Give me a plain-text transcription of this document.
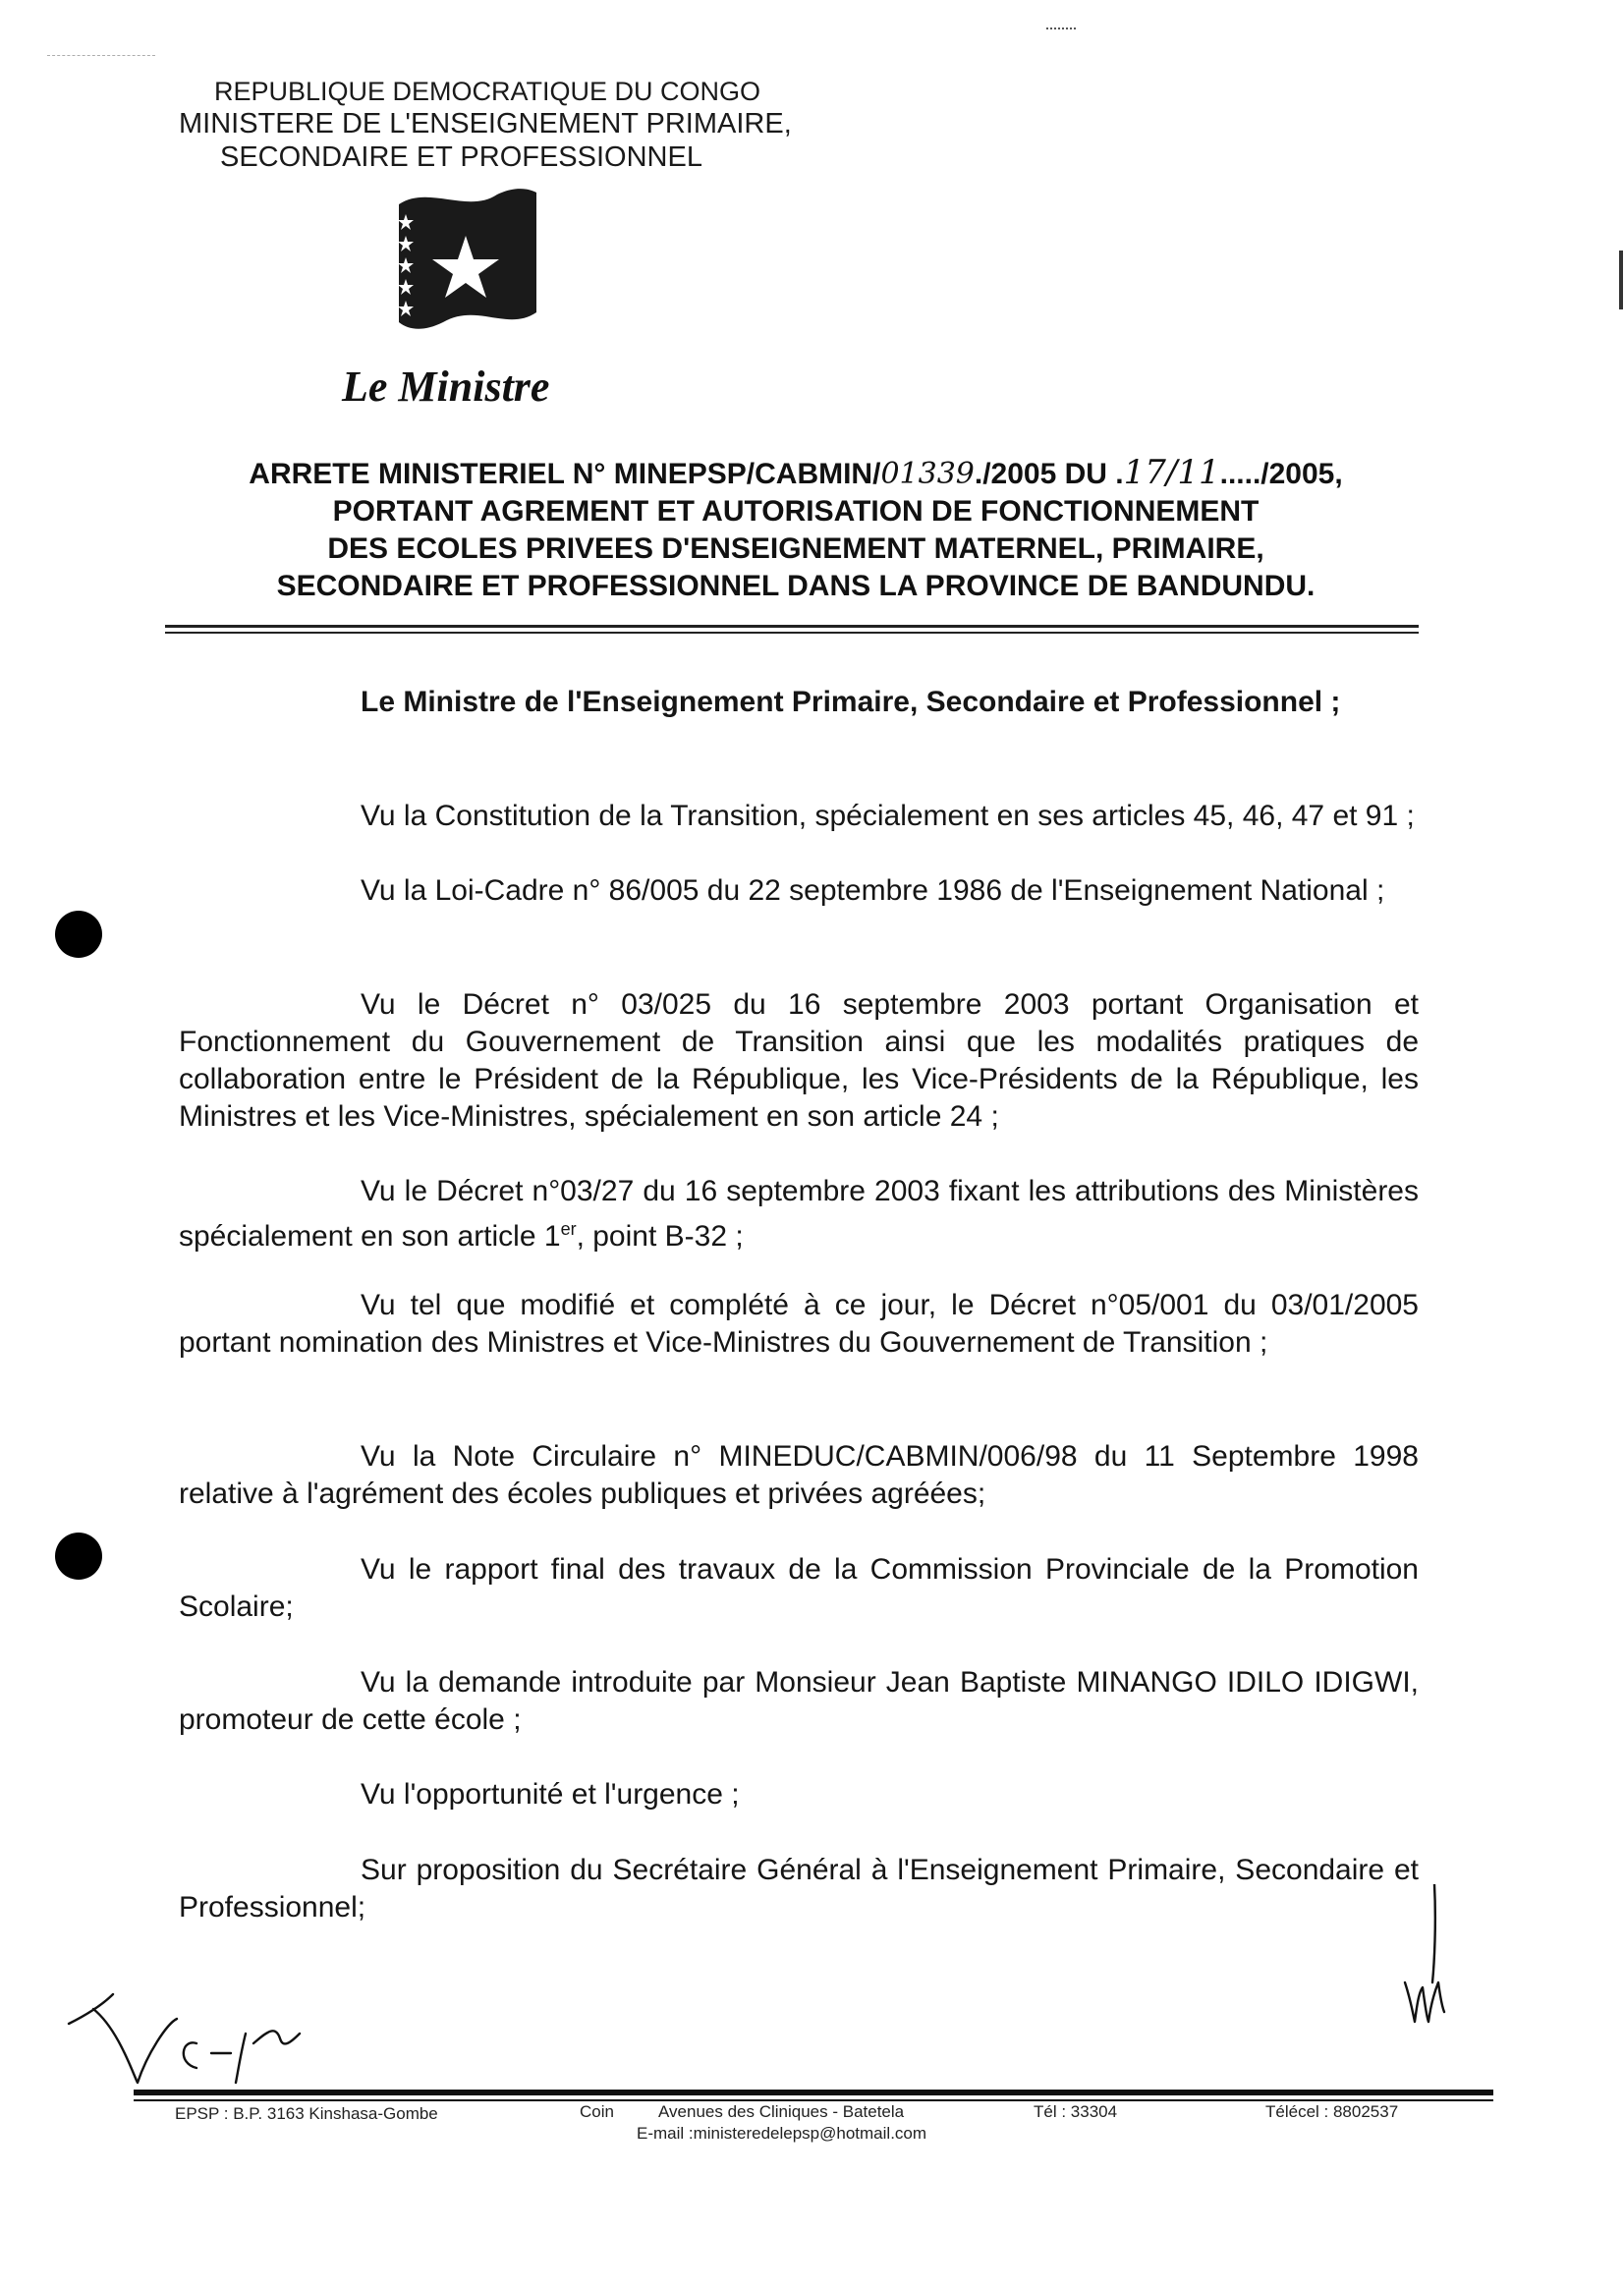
REPUBLIQUE DEMOCRATIQUE DU CONGO
MINISTERE DE L'ENSEIGNEMENT PRIMAIRE,
SECONDAIRE ET PROFESSIONNEL
Le Ministre
ARRETE MINISTERIEL N° MINEPSP/CABMIN/01339./2005 DU .17/11...../2005,
PORTANT AGREMENT ET AUTORISATION DE FONCTIONNEMENT
DES ECOLES PRIVEES D'ENSEIGNEMENT MATERNEL, PRIMAIRE,
SECONDAIRE ET PROFESSIONNEL DANS LA PROVINCE DE BANDUNDU.
Le Ministre de l'Enseignement Primaire, Secondaire et Professionnel ;
Vu la Constitution de la Transition, spécialement en ses articles 45, 46, 47 et 91 ;
Vu la Loi-Cadre n° 86/005 du 22 septembre 1986 de l'Enseignement National ;
Vu le Décret n° 03/025 du 16 septembre 2003 portant Organisation et Fonctionnement du Gouvernement de Transition ainsi que les modalités pratiques de collaboration entre le Président de la République, les Vice-Présidents de la République, les Ministres et les Vice-Ministres, spécialement en son article 24 ;
Vu le Décret n°03/27 du 16 septembre 2003 fixant les attributions des Ministères spécialement en son article 1er, point B-32 ;
Vu tel que modifié et complété à ce jour, le Décret n°05/001 du 03/01/2005 portant nomination des Ministres et Vice-Ministres du Gouvernement de Transition ;
Vu la Note Circulaire n° MINEDUC/CABMIN/006/98 du 11 Septembre 1998 relative à l'agrément des écoles publiques et privées agréées;
Vu le rapport final des travaux de la Commission Provinciale de la Promotion Scolaire;
Vu la demande introduite par Monsieur Jean Baptiste MINANGO IDILO IDIGWI, promoteur de cette école ;
Vu l'opportunité et l'urgence ;
Sur proposition du Secrétaire Général à l'Enseignement Primaire, Secondaire et Professionnel;
EPSP : B.P. 3163 Kinshasa-Gombe	Coin	Avenues des Cliniques - Batetela	Tél : 33304	Télécel : 8802537
E-mail :ministeredelepsp@hotmail.com
